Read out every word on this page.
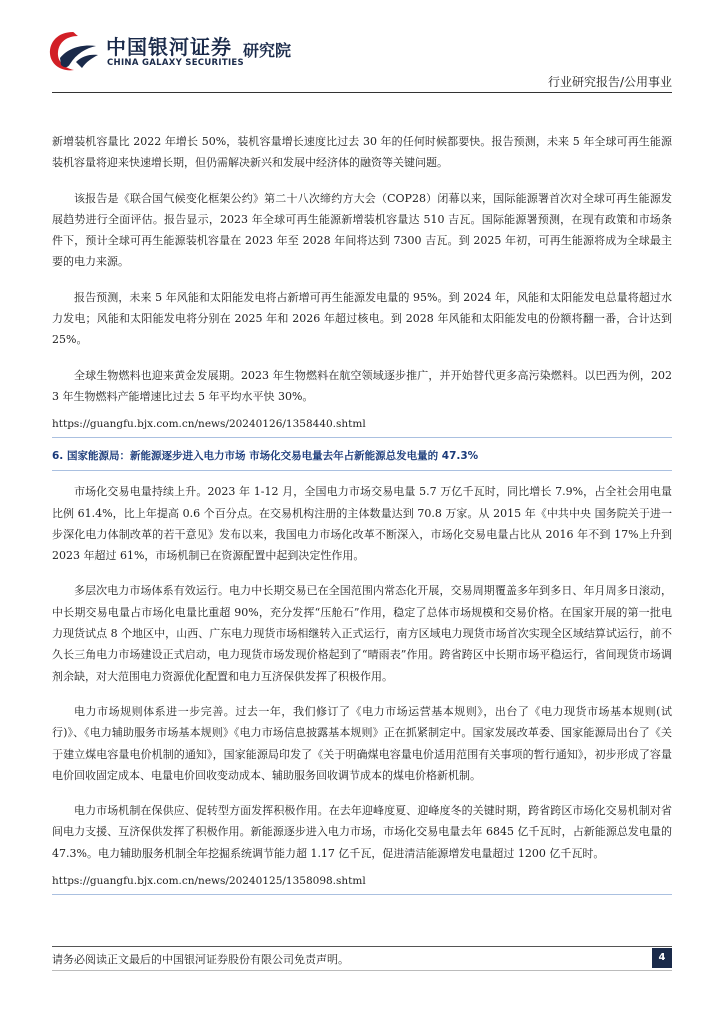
中国银河证券
CHINA GALAXY SECURITIES
研究院
行业研究报告/公用事业

新增装机容量比 2022 年增长 50%，装机容量增长速度比过去 30 年的任何时候都要快。报告预测，未来 5 年全球可再生能源装机容量将迎来快速增长期，但仍需解决新兴和发展中经济体的融资等关键问题。

该报告是《联合国气候变化框架公约》第二十八次缔约方大会（COP28）闭幕以来，国际能源署首次对全球可再生能源发展趋势进行全面评估。报告显示，2023 年全球可再生能源新增装机容量达 510 吉瓦。国际能源署预测，在现有政策和市场条件下，预计全球可再生能源装机容量在 2023 年至 2028 年间将达到 7300 吉瓦。到 2025 年初，可再生能源将成为全球最主要的电力来源。

报告预测，未来 5 年风能和太阳能发电将占新增可再生能源发电量的 95%。到 2024 年，风能和太阳能发电总量将超过水力发电；风能和太阳能发电将分别在 2025 年和 2026 年超过核电。到 2028 年风能和太阳能发电的份额将翻一番，合计达到 25%。

全球生物燃料也迎来黄金发展期。2023 年生物燃料在航空领域逐步推广，并开始替代更多高污染燃料。以巴西为例，2023 年生物燃料产能增速比过去 5 年平均水平快 30%。

https://guangfu.bjx.com.cn/news/20240126/1358440.shtml
6. 国家能源局：新能源逐步进入电力市场 市场化交易电量去年占新能源总发电量的 47.3%

市场化交易电量持续上升。2023 年 1-12 月，全国电力市场交易电量 5.7 万亿千瓦时，同比增长 7.9%，占全社会用电量比例 61.4%，比上年提高 0.6 个百分点。在交易机构注册的主体数量达到 70.8 万家。从 2015 年《中共中央 国务院关于进一步深化电力体制改革的若干意见》发布以来，我国电力市场化改革不断深入，市场化交易电量占比从 2016 年不到 17%上升到 2023 年超过 61%，市场机制已在资源配置中起到决定性作用。

多层次电力市场体系有效运行。电力中长期交易已在全国范围内常态化开展，交易周期覆盖多年到多日、年月周多日滚动，中长期交易电量占市场化电量比重超 90%，充分发挥“压舱石”作用，稳定了总体市场规模和交易价格。在国家开展的第一批电力现货试点 8 个地区中，山西、广东电力现货市场相继转入正式运行，南方区域电力现货市场首次实现全区域结算试运行，前不久长三角电力市场建设正式启动，电力现货市场发现价格起到了“晴雨表”作用。跨省跨区中长期市场平稳运行，省间现货市场调剂余缺，对大范围电力资源优化配置和电力互济保供发挥了积极作用。

电力市场规则体系进一步完善。过去一年，我们修订了《电力市场运营基本规则》，出台了《电力现货市场基本规则(试行)》、《电力辅助服务市场基本规则》《电力市场信息披露基本规则》正在抓紧制定中。国家发展改革委、国家能源局出台了《关于建立煤电容量电价机制的通知》，国家能源局印发了《关于明确煤电容量电价适用范围有关事项的暂行通知》，初步形成了容量电价回收固定成本、电量电价回收变动成本、辅助服务回收调节成本的煤电价格新机制。

电力市场机制在保供应、促转型方面发挥积极作用。在去年迎峰度夏、迎峰度冬的关键时期，跨省跨区市场化交易机制对省间电力支援、互济保供发挥了积极作用。新能源逐步进入电力市场，市场化交易电量去年 6845 亿千瓦时，占新能源总发电量的 47.3%。电力辅助服务机制全年挖掘系统调节能力超 1.17 亿千瓦，促进清洁能源增发电量超过 1200 亿千瓦时。

https://guangfu.bjx.com.cn/news/20240125/1358098.shtml
请务必阅读正文最后的中国银河证券股份有限公司免责声明。	4
